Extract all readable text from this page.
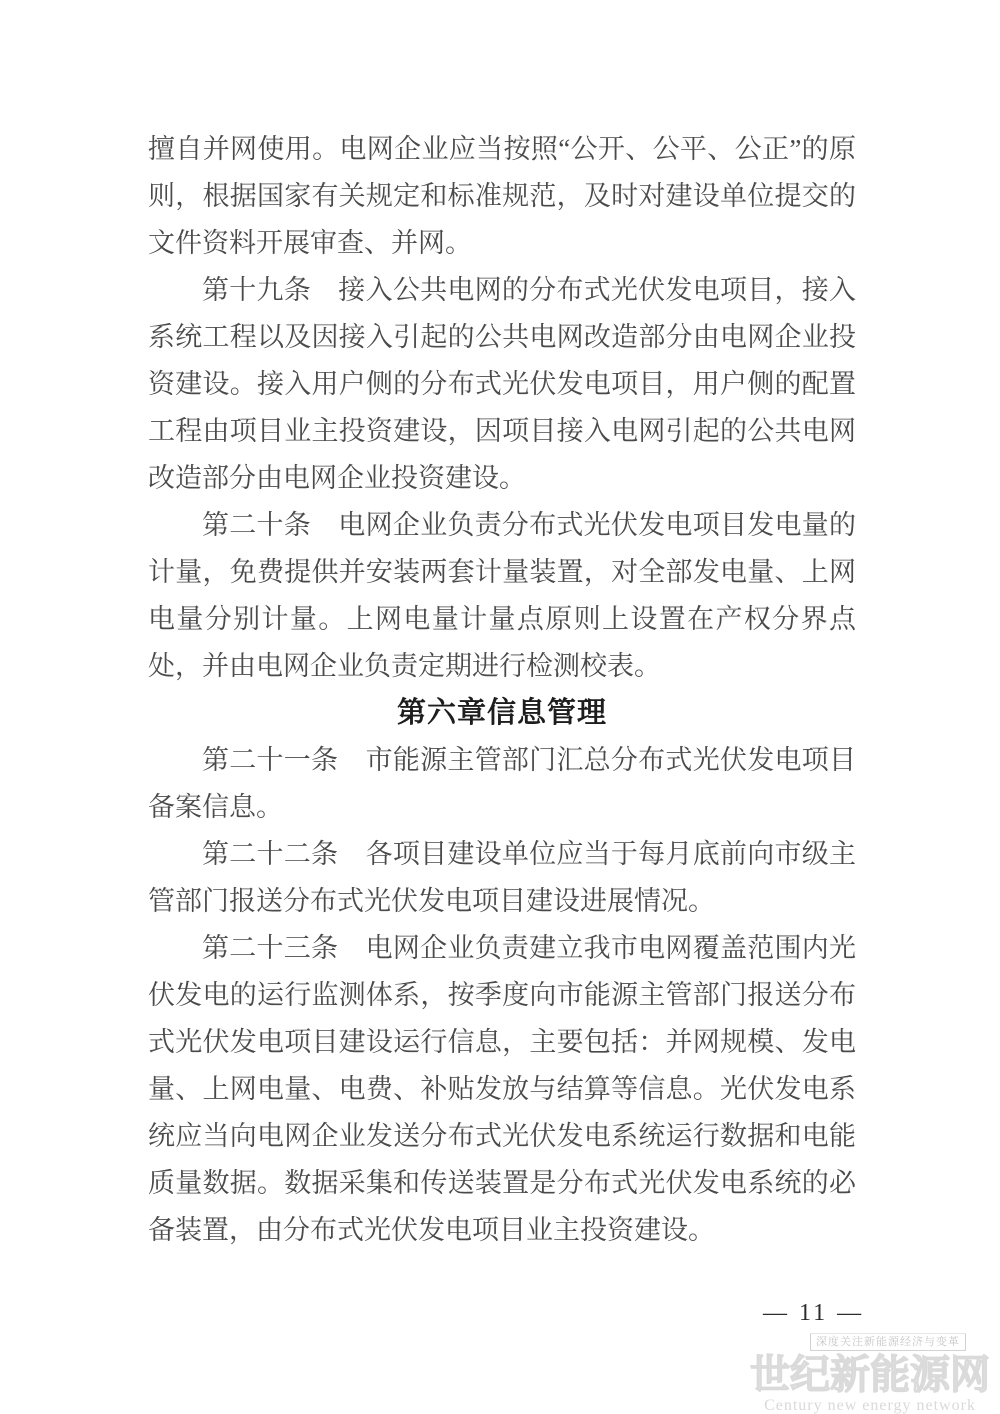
擅自并网使用。电网企业应当按照“公开、公平、公正”的原则，根据国家有关规定和标准规范，及时对建设单位提交的文件资料开展审查、并网。

第十九条　接入公共电网的分布式光伏发电项目，接入系统工程以及因接入引起的公共电网改造部分由电网企业投资建设。接入用户侧的分布式光伏发电项目，用户侧的配置工程由项目业主投资建设，因项目接入电网引起的公共电网改造部分由电网企业投资建设。

第二十条　电网企业负责分布式光伏发电项目发电量的计量，免费提供并安装两套计量装置，对全部发电量、上网电量分别计量。上网电量计量点原则上设置在产权分界点处，并由电网企业负责定期进行检测校表。

第六章信息管理

第二十一条　市能源主管部门汇总分布式光伏发电项目备案信息。

第二十二条　各项目建设单位应当于每月底前向市级主管部门报送分布式光伏发电项目建设进展情况。

第二十三条　电网企业负责建立我市电网覆盖范围内光伏发电的运行监测体系，按季度向市能源主管部门报送分布式光伏发电项目建设运行信息，主要包括：并网规模、发电量、上网电量、电费、补贴发放与结算等信息。光伏发电系统应当向电网企业发送分布式光伏发电系统运行数据和电能质量数据。数据采集和传送装置是分布式光伏发电系统的必备装置，由分布式光伏发电项目业主投资建设。

— 11 —
深度关注新能源经济与变革
世纪新能源网
Century new energy network
